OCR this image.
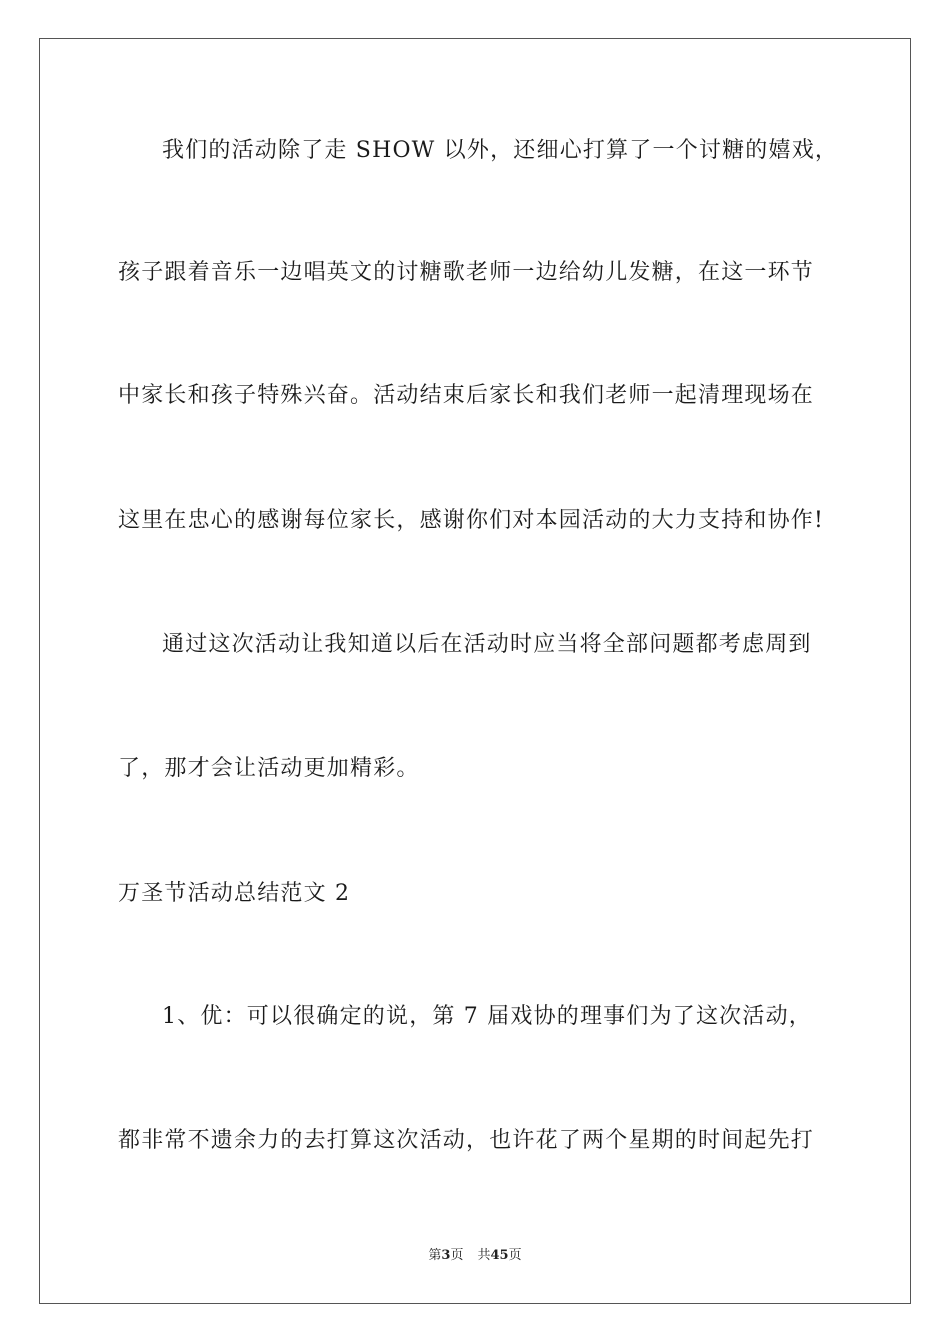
我们的活动除了走 SHOW 以外，还细心打算了一个讨糖的嬉戏，
孩子跟着音乐一边唱英文的讨糖歌老师一边给幼儿发糖，在这一环节
中家长和孩子特殊兴奋。活动结束后家长和我们老师一起清理现场在
这里在忠心的感谢每位家长，感谢你们对本园活动的大力支持和协作!
通过这次活动让我知道以后在活动时应当将全部问题都考虑周到
了，那才会让活动更加精彩。
万圣节活动总结范文 2
1、优：可以很确定的说，第 7 届戏协的理事们为了这次活动，
都非常不遗余力的去打算这次活动，也许花了两个星期的时间起先打
第3页 共45页
